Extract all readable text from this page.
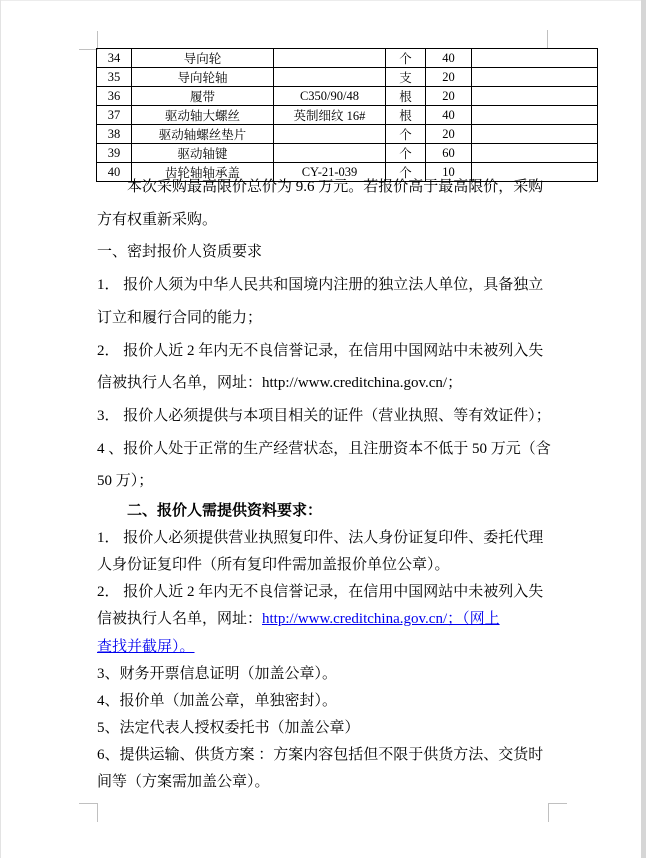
34	导向轮		个	40	
35	导向轮轴		支	20	
36	履带	C350/90/48	根	20	
37	驱动轴大螺丝	英制细纹 16#	根	40	
38	驱动轴螺丝垫片		个	20	
39	驱动轴键		个	60	
40	齿轮轴轴承盖	CY-21-039	个	10	
本次采购最高限价总价为 9.6 万元。若报价高于最高限价，采购
方有权重新采购。
一、密封报价人资质要求
1． 报价人须为中华人民共和国境内注册的独立法人单位，具备独立
订立和履行合同的能力；
2． 报价人近 2 年内无不良信誉记录，在信用中国网站中未被列入失
信被执行人名单，网址：http://www.creditchina.gov.cn/；
3． 报价人必须提供与本项目相关的证件（营业执照、等有效证件）；
4 、报价人处于正常的生产经营状态，且注册资本不低于 50 万元（含
50 万）；
二、报价人需提供资料要求：
1． 报价人必须提供营业执照复印件、法人身份证复印件、委托代理
人身份证复印件（所有复印件需加盖报价单位公章）。
2． 报价人近 2 年内无不良信誉记录，在信用中国网站中未被列入失
信被执行人名单，网址：http://www.creditchina.gov.cn/；（网上
查找并截屏）。
3、财务开票信息证明（加盖公章）。
4、报价单（加盖公章，单独密封）。
5、法定代表人授权委托书（加盖公章）
6、提供运输、供货方案 ：方案内容包括但不限于供货方法、交货时
间等（方案需加盖公章）。
